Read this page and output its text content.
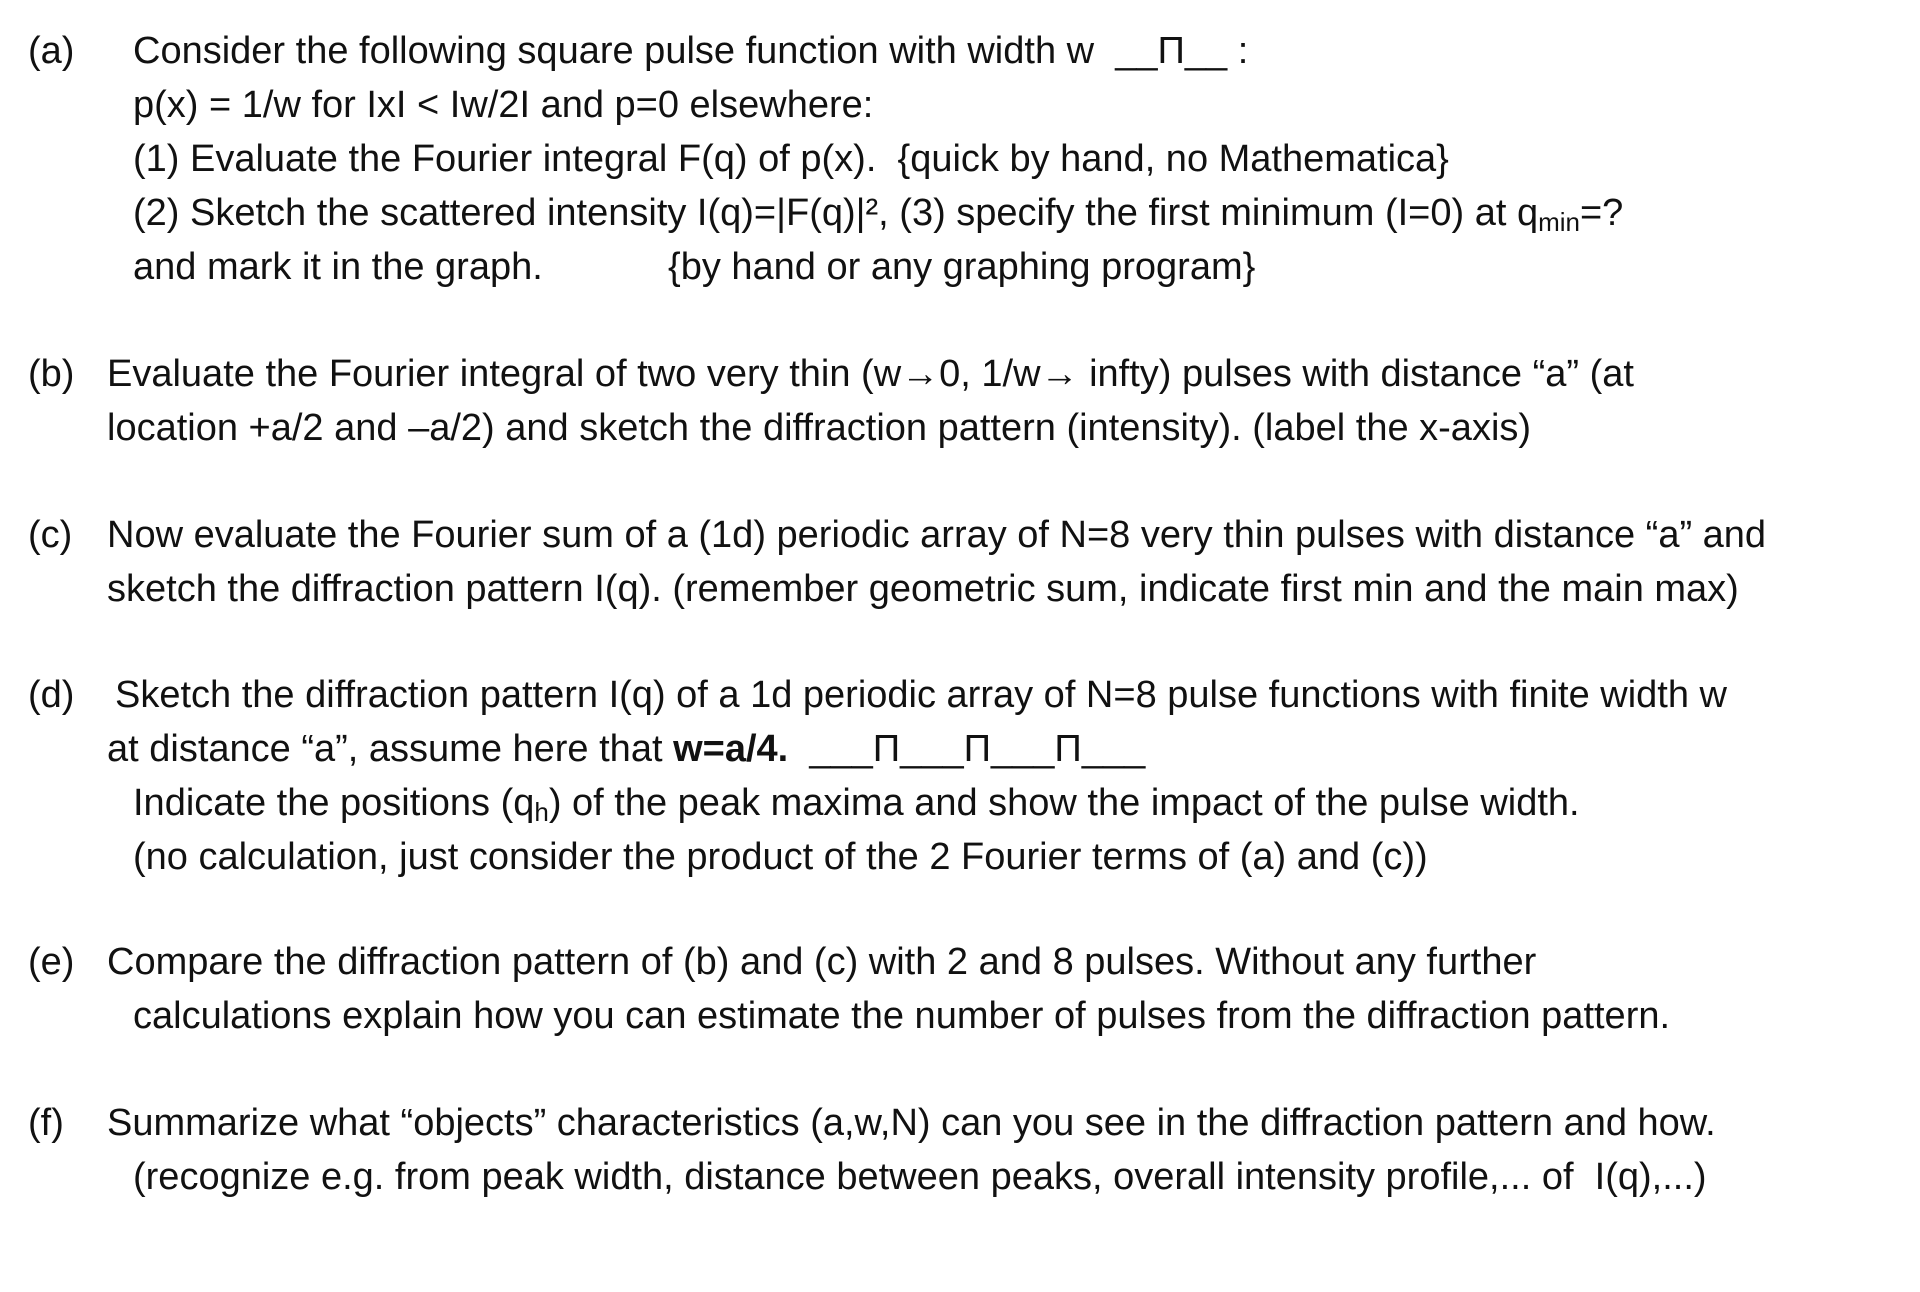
(a) Consider the following square pulse function with width w  __Π__ :
p(x) = 1/w for IxI < Iw/2I and p=0 elsewhere:
(1) Evaluate the Fourier integral F(q) of p(x).  {quick by hand, no Mathematica}
(2) Sketch the scattered intensity I(q)=|F(q)|², (3) specify the first minimum (I=0) at $q_{min}=$?
and mark it in the graph.	{by hand or any graphing program}
(b) Evaluate the Fourier integral of two very thin (w→0, 1/w→ infty) pulses with distance “a” (at
location +a/2 and –a/2) and sketch the diffraction pattern (intensity). (label the x-axis)
(c) Now evaluate the Fourier sum of a (1d) periodic array of N=8 very thin pulses with distance “a” and
sketch the diffraction pattern I(q). (remember geometric sum, indicate first min and the main max)
(d) Sketch the diffraction pattern I(q) of a 1d periodic array of N=8 pulse functions with finite width w
at distance “a”, assume here that w=a/4.  ___Π___Π___Π___
Indicate the positions $(q_h)$ of the peak maxima and show the impact of the pulse width.
(no calculation, just consider the product of the 2 Fourier terms of (a) and (c))
(e) Compare the diffraction pattern of (b) and (c) with 2 and 8 pulses. Without any further
calculations explain how you can estimate the number of pulses from the diffraction pattern.
(f) Summarize what “objects” characteristics (a,w,N) can you see in the diffraction pattern and how.
(recognize e.g. from peak width, distance between peaks, overall intensity profile,... of  I(q),...)
